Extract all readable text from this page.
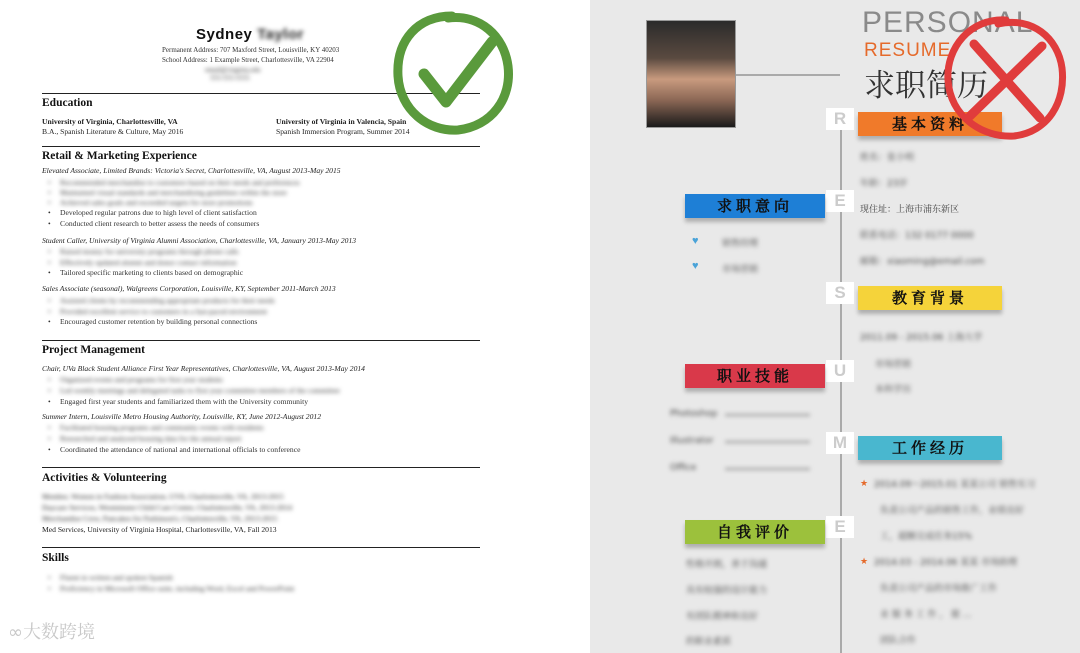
Sydney Taylor
Permanent Address: 707 Maxford Street, Louisville, KY 40203
School Address: 1 Example Street, Charlottesville, VA 22904
email@virginia.edu
555-555-5555
Education
University of Virginia, Charlottesville, VA
B.A., Spanish Literature & Culture, May 2016
University of Virginia in Valencia, Spain
Spanish Immersion Program, Summer 2014
Retail & Marketing Experience
Elevated Associate, Limited Brands: Victoria's Secret, Charlottesville, VA, August 2013-May 2015
• Recommended merchandise to customers based on their needs and preferences
• Maintained visual standards and merchandising guidelines within the store
• Achieved sales goals and exceeded targets for store promotions
• Developed regular patrons due to high level of client satisfaction
• Conducted client research to better assess the needs of consumers
Student Caller, University of Virginia Alumni Association, Charlottesville, VA, January 2013-May 2013
• Raised money for university programs through phone calls
• Effectively updated alumni and donor contact information
• Tailored specific marketing to clients based on demographic
Sales Associate (seasonal), Walgreens Corporation, Louisville, KY, September 2011-March 2013
• Assisted clients by recommending appropriate products for their needs
• Provided excellent service to customers in a fast-paced environment
• Encouraged customer retention by building personal connections
Project Management
Chair, UVa Black Student Alliance First Year Representatives, Charlottesville, VA, August 2013-May 2014
• Organized events and programs for first year students
• Led weekly meetings and delegated tasks to first year committee members of the committee
• Engaged first year students and familiarized them with the University community
Summer Intern, Louisville Metro Housing Authority, Louisville, KY, June 2012-August 2012
• Facilitated housing programs and community events with residents
• Researched and analyzed housing data for the annual report
• Coordinated the attendance of national and international officials to conference
Activities & Volunteering
Member, Women in Fashion Association, UVA, Charlottesville, VA, 2013-2015
Daycare Services, Westminster Child Care Center, Charlottesville, VA, 2013-2014
Merchandise Crew, Pancakes for Parkinson's, Charlottesville, VA, 2013-2015
Med Services, University of Virginia Hospital, Charlottesville, VA, Fall 2013
Skills
• Fluent in written and spoken Spanish
• Proficiency in Microsoft Office suite, including Word, Excel and PowerPoint
∞大数跨境
PERSONAL
RESUME
求职简历
R
E
S
U
M
E
基本资料
求职意向
教育背景
职业技能
工作经历
自我评价
姓名：张小明
年龄：23岁
现住址：上海市浦东新区
联系电话：132 0177 0000
邮箱：xiaoming@email.com
♥	销售经理
♥	市场营销
2011.09 - 2015.06 上海大学
市场营销
本科学历
Photoshop
Illustrator
Office
★ 2014.09～2015.01 某某公司 销售实习
负责公司产品的销售工作，业绩良好
工，超额完成任务15%
★ 2014.03 - 2014.06 某某 市场助理
负责公司产品的市场推广工作
业 服 务 工 作 ， 能 ...
团队合作
性格开朗，善于沟通
具有较强的设计能力
有团队精神和良好
的职业素质
